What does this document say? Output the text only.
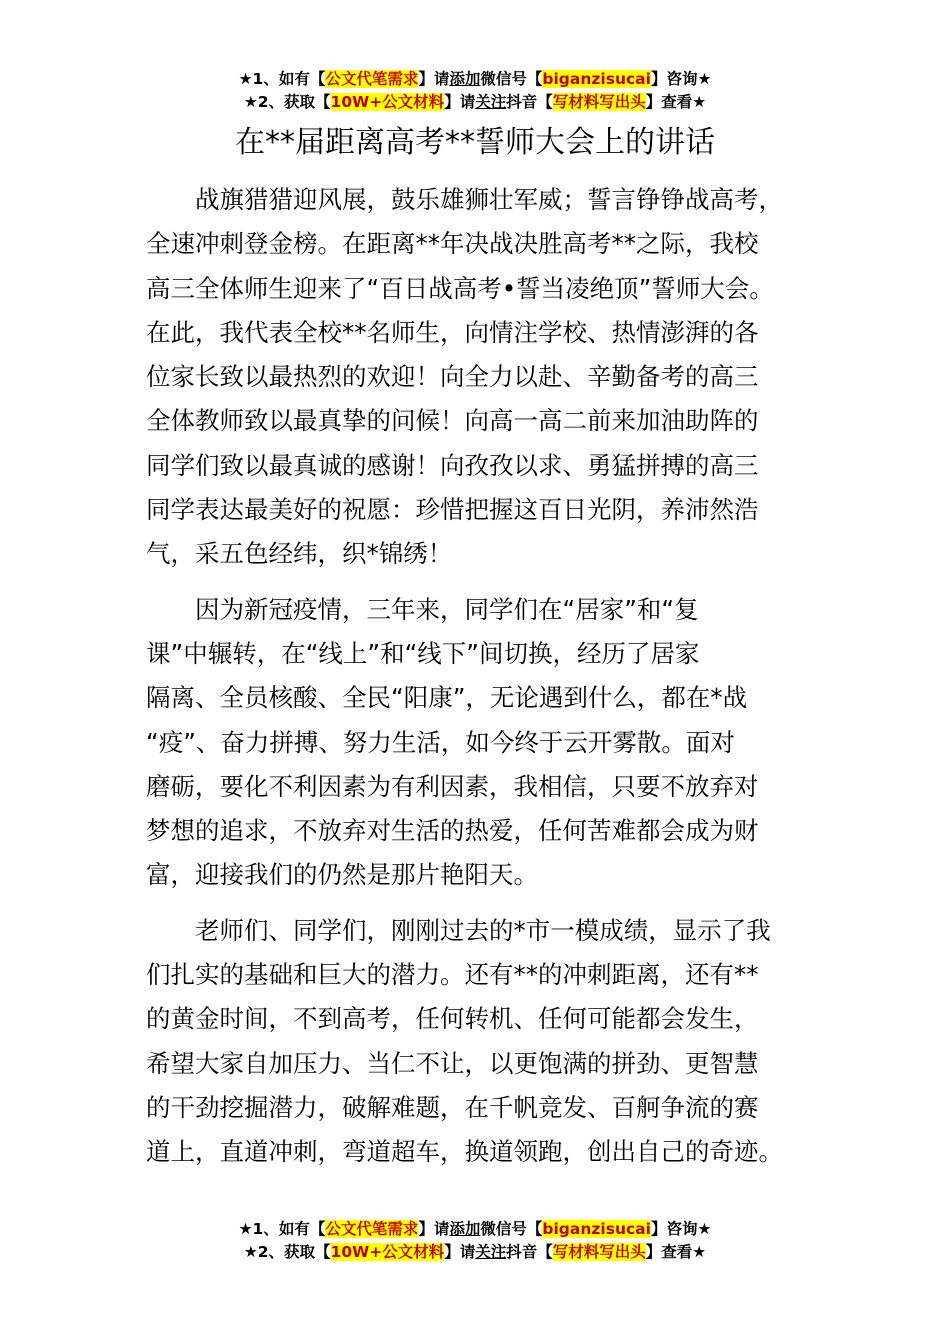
★1、如有【公文代笔需求】请添加微信号【biganzisucai】咨询★
★2、获取【10W+公文材料】请关注抖音【写材料写出头】查看★
在**届距离高考**誓师大会上的讲话
战旗猎猎迎风展，鼓乐雄狮壮军威；誓言铮铮战高考，
全速冲刺登金榜。在距离**年决战决胜高考**之际，我校
高三全体师生迎来了“百日战高考•誓当凌绝顶”誓师大会。
在此，我代表全校**名师生，向情注学校、热情澎湃的各
位家长致以最热烈的欢迎！向全力以赴、辛勤备考的高三
全体教师致以最真挚的问候！向高一高二前来加油助阵的
同学们致以最真诚的感谢！向孜孜以求、勇猛拼搏的高三
同学表达最美好的祝愿：珍惜把握这百日光阴，养沛然浩
气，采五色经纬，织*锦绣！
因为新冠疫情，三年来，同学们在“居家”和“复
课”中辗转，在“线上”和“线下”间切换，经历了居家
隔离、全员核酸、全民“阳康”，无论遇到什么，都在*战
“疫”、奋力拼搏、努力生活，如今终于云开雾散。面对
磨砺，要化不利因素为有利因素，我相信，只要不放弃对
梦想的追求，不放弃对生活的热爱，任何苦难都会成为财
富，迎接我们的仍然是那片艳阳天。
老师们、同学们，刚刚过去的*市一模成绩，显示了我
们扎实的基础和巨大的潜力。还有**的冲刺距离，还有**
的黄金时间，不到高考，任何转机、任何可能都会发生，
希望大家自加压力、当仁不让，以更饱满的拼劲、更智慧
的干劲挖掘潜力，破解难题，在千帆竞发、百舸争流的赛
道上，直道冲刺，弯道超车，换道领跑，创出自己的奇迹。
★1、如有【公文代笔需求】请添加微信号【biganzisucai】咨询★
★2、获取【10W+公文材料】请关注抖音【写材料写出头】查看★
